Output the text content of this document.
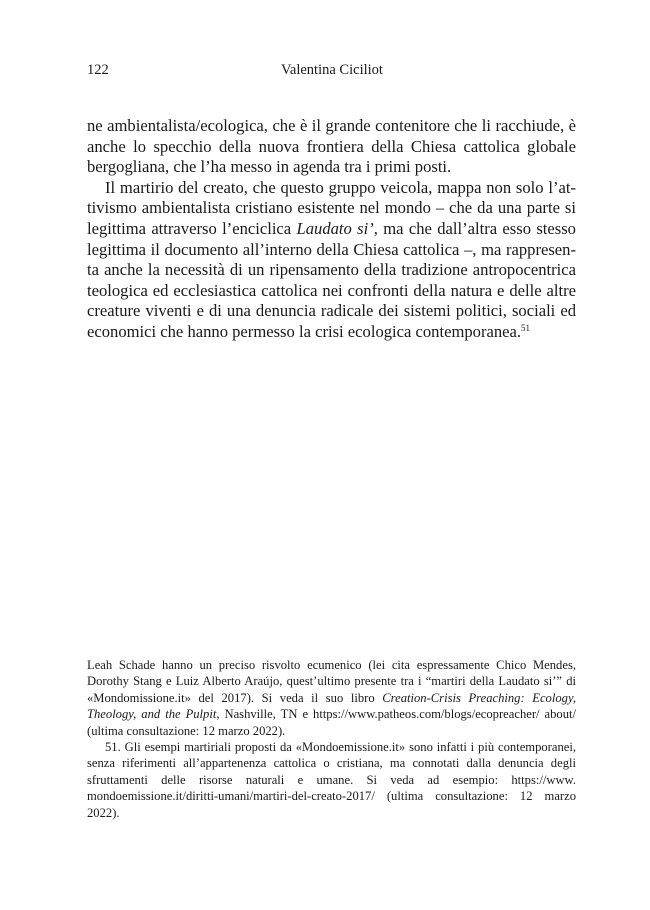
122	Valentina Ciciliot

ne ambientalista/ecologica, che è il grande contenitore che li racchiude, è anche lo specchio della nuova frontiera della Chiesa cattolica globale bergogliana, che l’ha messo in agenda tra i primi posti.

Il martirio del creato, che questo gruppo veicola, mappa non solo l’attivismo ambientalista cristiano esistente nel mondo – che da una parte si legittima attraverso l’enciclica Laudato si’, ma che dall’altra esso stesso legittima il documento all’interno della Chiesa cattolica –, ma rappresenta anche la necessità di un ripensamento della tradizione antropocentrica teologica ed ecclesiastica cattolica nei confronti della natura e delle altre creature viventi e di una denuncia radicale dei sistemi politici, sociali ed economici che hanno permesso la crisi ecologica contemporanea.$^{51}$

Leah Schade hanno un preciso risvolto ecumenico (lei cita espressamente Chico Mendes, Dorothy Stang e Luiz Alberto Araújo, quest’ultimo presente tra i “martiri della Laudato si’” di «Mondomissione.it» del 2017). Si veda il suo libro Creation-Crisis Preaching: Ecology, Theology, and the Pulpit, Nashville, TN e https://www.patheos.com/blogs/ecopreacher/ about/ (ultima consultazione: 12 marzo 2022).

51. Gli esempi martiriali proposti da «Mondoemissione.it» sono infatti i più contemporanei, senza riferimenti all’appartenenza cattolica o cristiana, ma connotati dalla denuncia degli sfruttamenti delle risorse naturali e umane. Si veda ad esempio: https://www. mondoemissione.it/diritti-umani/martiri-del-creato-2017/ (ultima consultazione: 12 marzo 2022).
